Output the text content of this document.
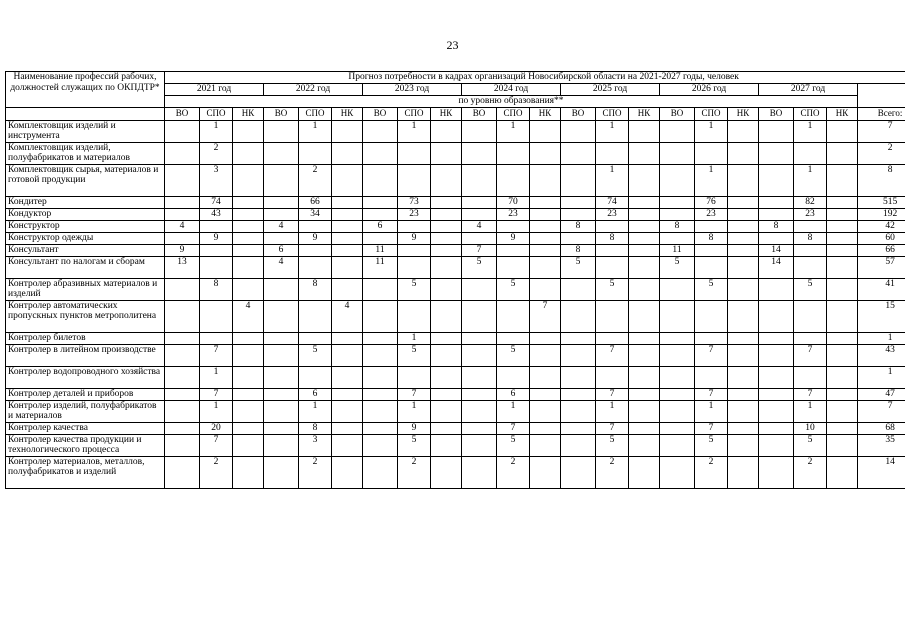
23
Наименование профессий рабочих, должностей служащих по ОКПДТР*	Прогноз потребности в кадрах организаций Новосибирской области на 2021-2027 годы, человек																					
	2021 год			2022 год			2023 год			2024 год			2025 год			2026 год			2027 год			
	по уровню образования**																					
	ВО	СПО	НК	ВО	СПО	НК	ВО	СПО	НК	ВО	СПО	НК	ВО	СПО	НК	ВО	СПО	НК	ВО	СПО	НК	Всего:
Комплектовщик изделий и инструмента		1			1			1			1			1			1			1		7
Комплектовщик изделий, полуфабрикатов и материалов		2																				2
Комплектовщик сырья, материалов и готовой продукции		3			2									1			1			1		8
Кондитер		74			66			73			70			74			76			82		515
Кондуктор		43			34			23			23			23			23			23		192
Конструктор	4			4			6			4			8			8			8			42
Конструктор одежды		9			9			9			9			8			8			8		60
Консультант	9			6			11			7			8			11			14			66
Консультант по налогам и сборам	13			4			11			5			5			5			14			57
Контролер абразивных материалов и изделий		8			8			5			5			5			5			5		41
Контролер автоматических пропускных пунктов метрополитена			4			4						7										15
Контролер билетов								1														1
Контролер в литейном производстве		7			5			5			5			7			7			7		43
Контролер водопроводного хозяйства		1																				1
Контролер деталей и приборов		7			6			7			6			7			7			7		47
Контролер изделий, полуфабрикатов и материалов		1			1			1			1			1			1			1		7
Контролер качества		20			8			9			7			7			7			10		68
Контролер качества продукции и технологического процесса		7			3			5			5			5			5			5		35
Контролер материалов, металлов, полуфабрикатов и изделий		2			2			2			2			2			2			2		14
